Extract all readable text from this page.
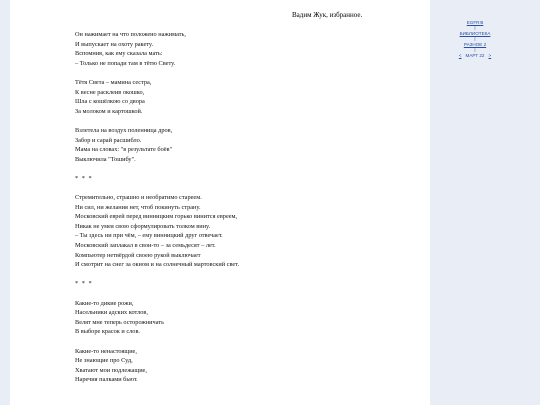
Вадим Жук, избранное.
Он нажимает на что положено нажимать,
И выпускает на охоту ракету.
Вспомнив, как ему сказала мать:
– Только не попади там в тётю Свету.
Тётя Света – мамина сестра,
К весне расклеив окошко,
Шла с кошёлкою со двора
За молоком и картошкой.
Взлетела на воздух поленница дров,
Забор и сарай расшибло.
Мама на словах: "в результате боёв"
Выключила "Тошибу".
* * *
Стремительно, страшно и необратимо стареем.
Ни сил, ни желания нет, чтоб покинуть страну.
Московский еврей перед винницким горько винится евреем,
Никак не умея свою сформулировать толком вину.
– Ты здесь ни при чём, – ему винницкий друг отвечает.
Московский заплакал в свои-то – за семьдесят – лет.
Компьютер нетвёрдой своею рукой выключает
И смотрит на снег за окном и на солнечный мартовский свет.
* * *
Какие-то дикие рожи,
Насельники адских котлов,
Велят мне теперь осторожничать
В выборе красок и слов.
Какие-то ненастоящие,
Не знающие про Суд,
Хватают мои подлежащие,
Наречия палками бьют.
EGFR!6
|
БИБЛИОТЕКА
|
РАЗНОЕ 2
|
< МАРТ 22 >
